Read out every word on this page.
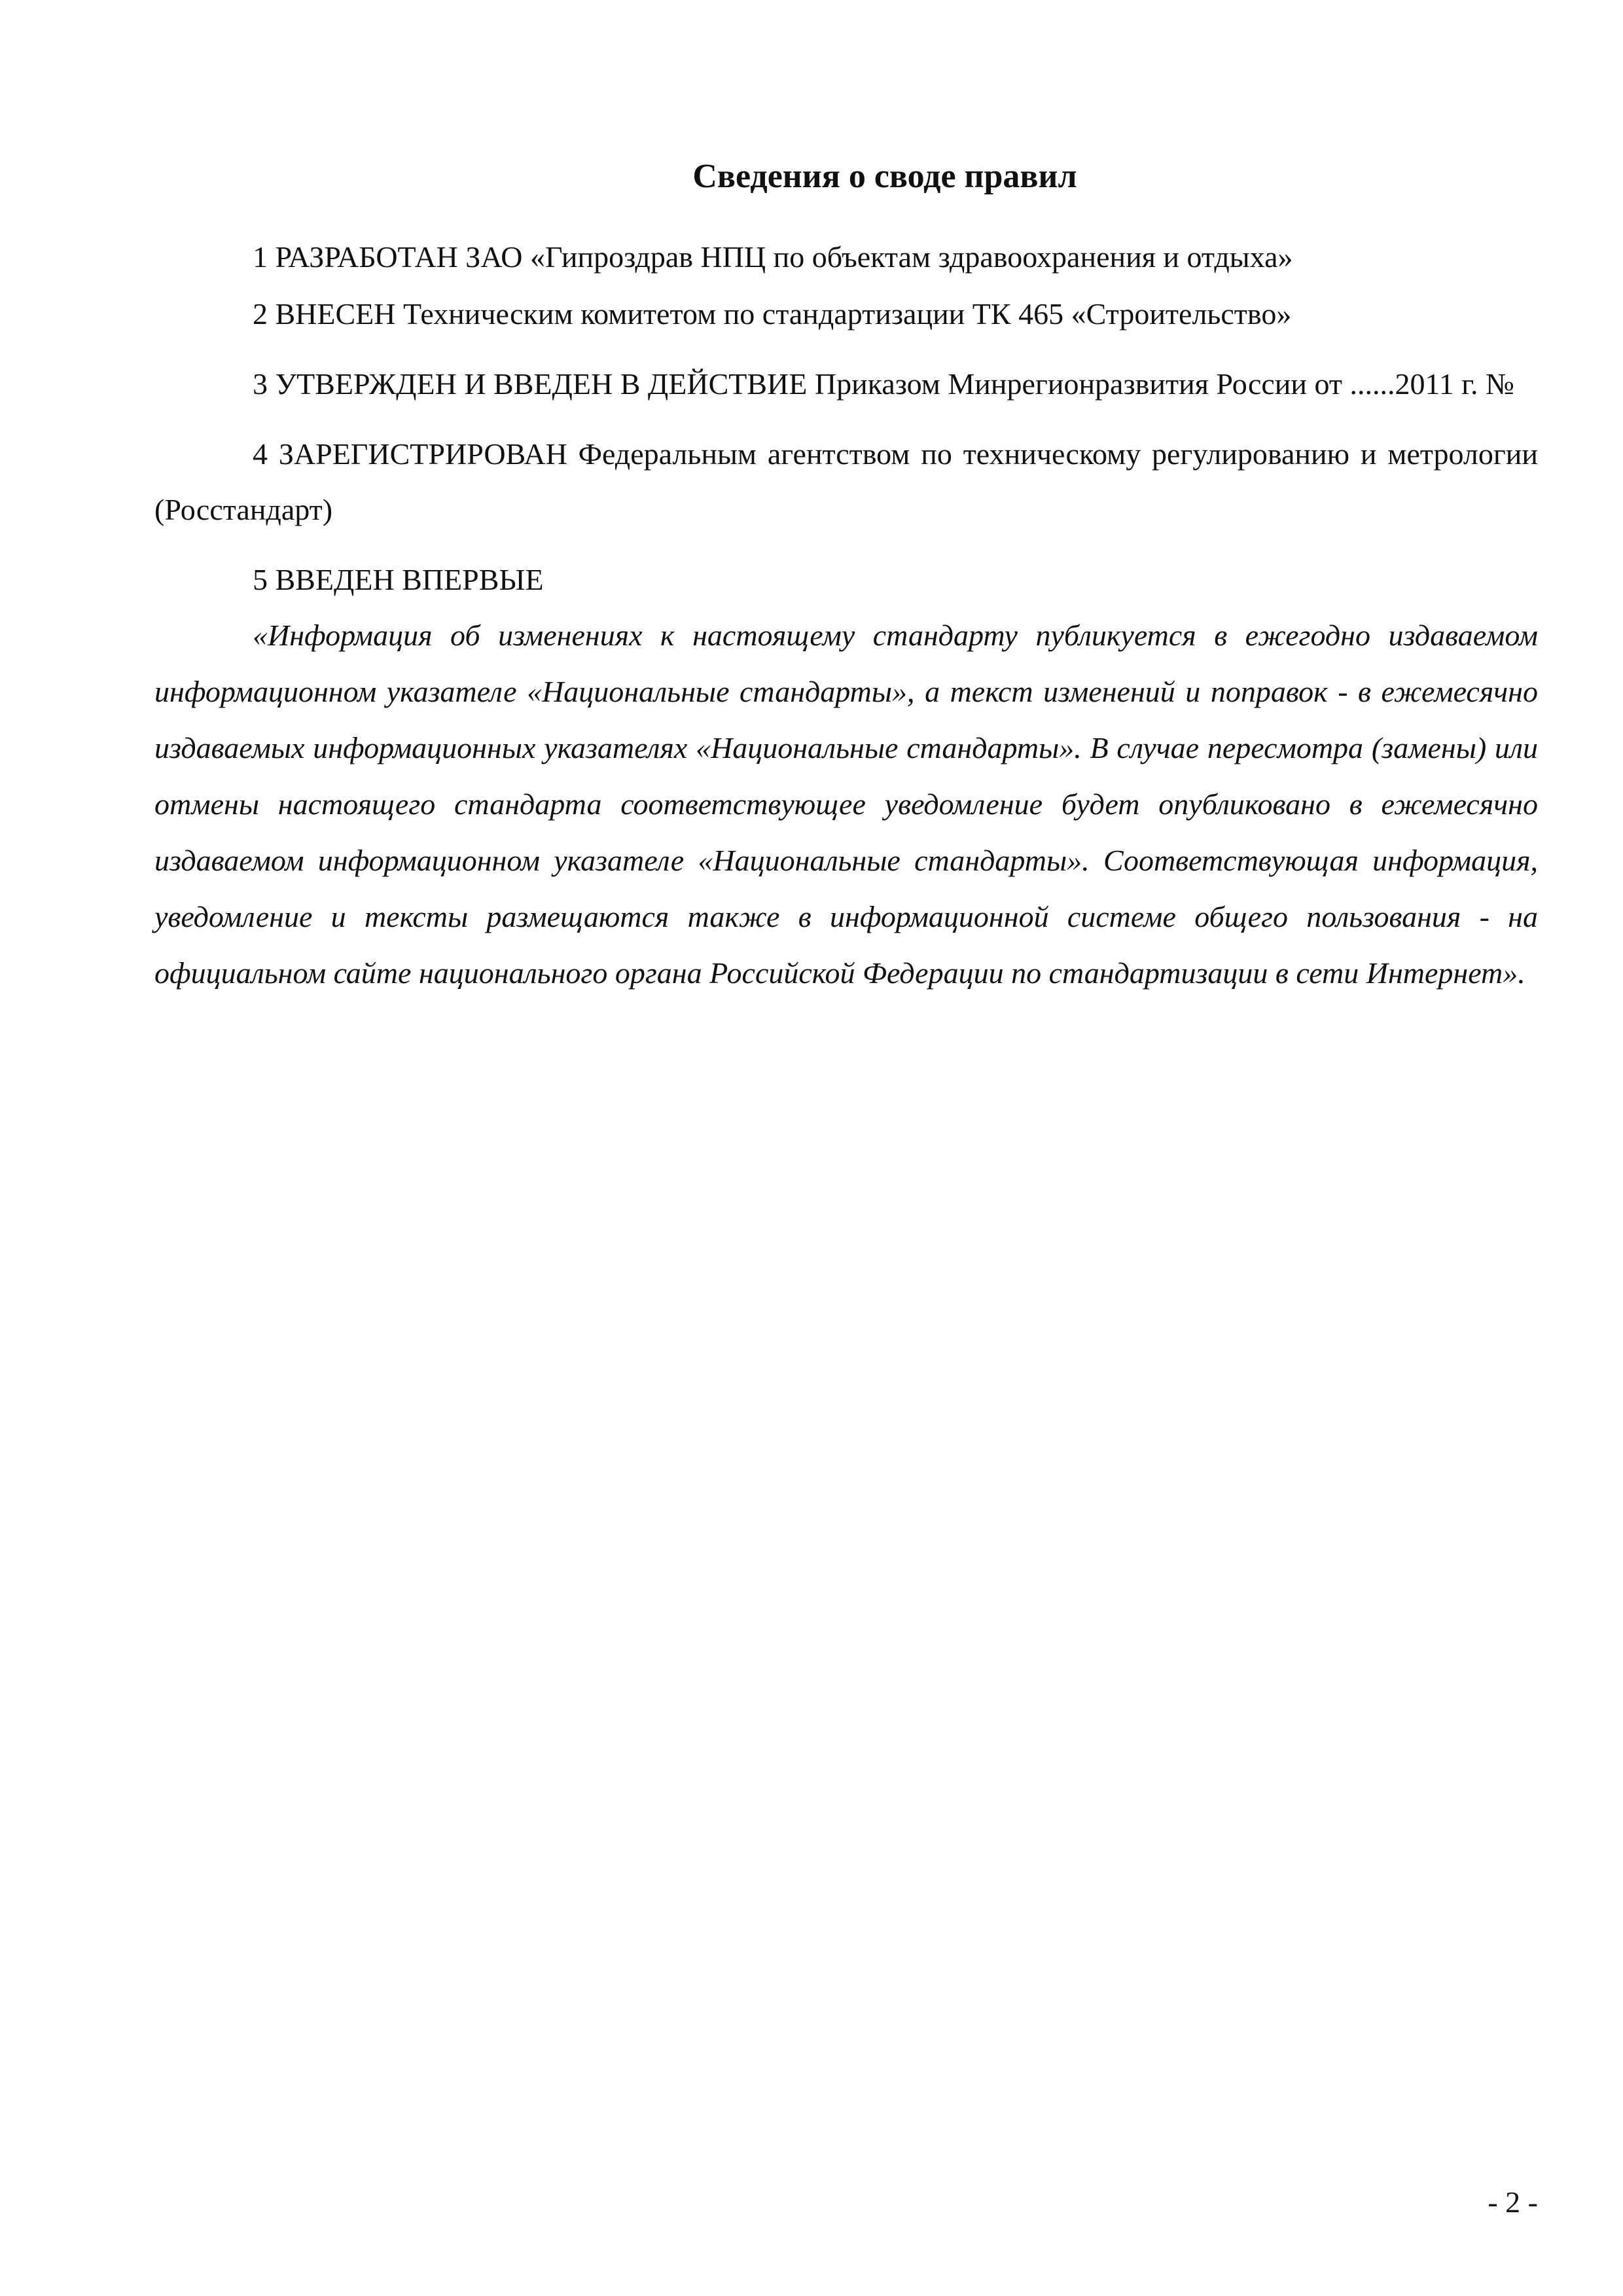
Сведения о своде правил

1 РАЗРАБОТАН ЗАО «Гипроздрав НПЦ по объектам здравоохранения и отдыха»

2 ВНЕСЕН Техническим комитетом по стандартизации ТК 465 «Строительство»

3 УТВЕРЖДЕН И ВВЕДЕН В ДЕЙСТВИЕ Приказом Минрегионразвития России от ......2011 г. №

4 ЗАРЕГИСТРИРОВАН Федеральным агентством по техническому регулированию и метрологии (Росстандарт)

5 ВВЕДЕН ВПЕРВЫЕ

«Информация об изменениях к настоящему стандарту публикуется в ежегодно издаваемом информационном указателе «Национальные стандарты», а текст изменений и поправок - в ежемесячно издаваемых информационных указателях «Национальные стандарты». В случае пересмотра (замены) или отмены настоящего стандарта соответствующее уведомление будет опубликовано в ежемесячно издаваемом информационном указателе «Национальные стандарты». Соответствующая информация, уведомление и тексты размещаются также в информационной системе общего пользования - на официальном сайте национального органа Российской Федерации по стандартизации в сети Интернет».

- 2 -
